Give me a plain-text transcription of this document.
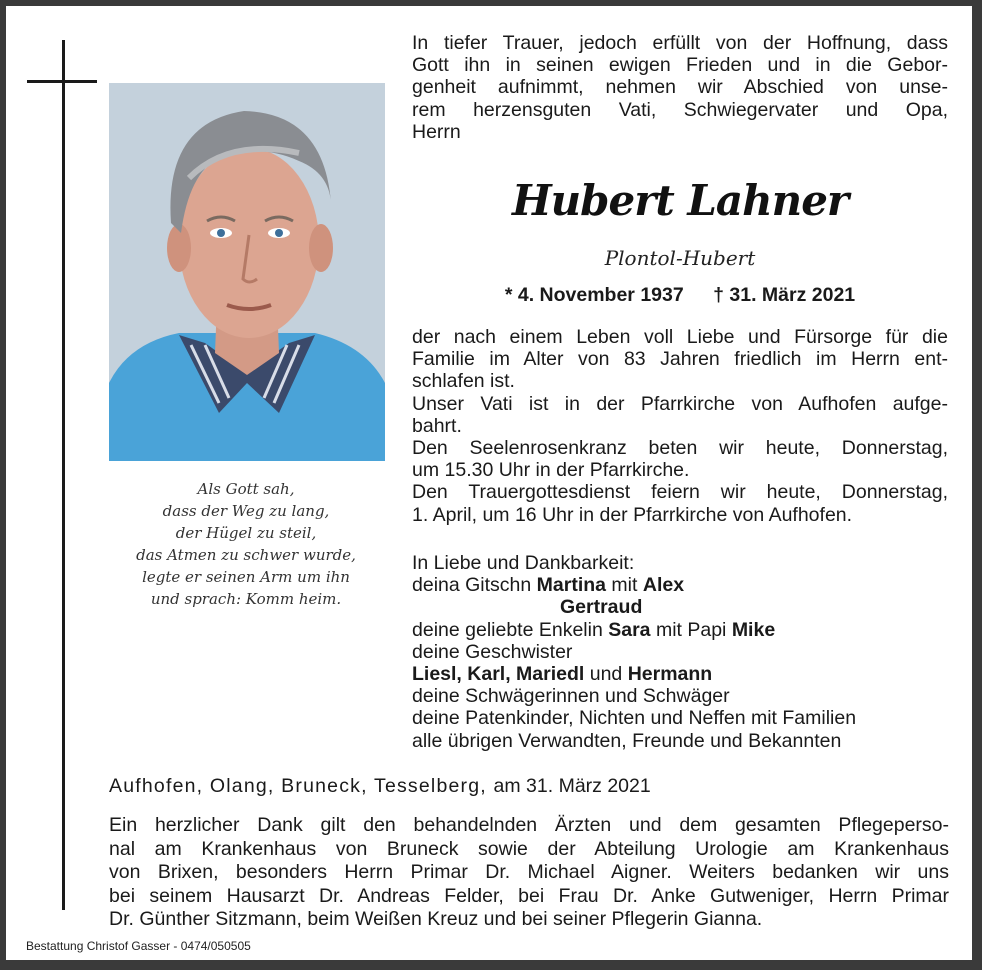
Als Gott sah,
dass der Weg zu lang,
der Hügel zu steil,
das Atmen zu schwer wurde,
legte er seinen Arm um ihn
und sprach: Komm heim.
In tiefer Trauer, jedoch erfüllt von der Hoffnung, dass
Gott ihn in seinen ewigen Frieden und in die Gebor-
genheit aufnimmt, nehmen wir Abschied von unse-
rem herzensguten Vati, Schwiegervater und Opa,
Herrn
Hubert Lahner
Plontol-Hubert
* 4. November 1937 † 31. März 2021
der nach einem Leben voll Liebe und Fürsorge für die
Familie im Alter von 83 Jahren friedlich im Herrn ent-
schlafen ist.
Unser Vati ist in der Pfarrkirche von Aufhofen aufge-
bahrt.
Den Seelenrosenkranz beten wir heute, Donnerstag,
um 15.30 Uhr in der Pfarrkirche.
Den Trauergottesdienst feiern wir heute, Donnerstag,
1. April, um 16 Uhr in der Pfarrkirche von Aufhofen.
In Liebe und Dankbarkeit:
deina Gitschn Martina mit Alex
Gertraud
deine geliebte Enkelin Sara mit Papi Mike
deine Geschwister
Liesl, Karl, Mariedl und Hermann
deine Schwägerinnen und Schwäger
deine Patenkinder, Nichten und Neffen mit Familien
alle übrigen Verwandten, Freunde und Bekannten
Aufhofen, Olang, Bruneck, Tesselberg, am 31. März 2021
Ein herzlicher Dank gilt den behandelnden Ärzten und dem gesamten Pflegeperso-
nal am Krankenhaus von Bruneck sowie der Abteilung Urologie am Krankenhaus
von Brixen, besonders Herrn Primar Dr. Michael Aigner. Weiters bedanken wir uns
bei seinem Hausarzt Dr. Andreas Felder, bei Frau Dr. Anke Gutweniger, Herrn Primar
Dr. Günther Sitzmann, beim Weißen Kreuz und bei seiner Pflegerin Gianna.
Bestattung Christof Gasser - 0474/050505
